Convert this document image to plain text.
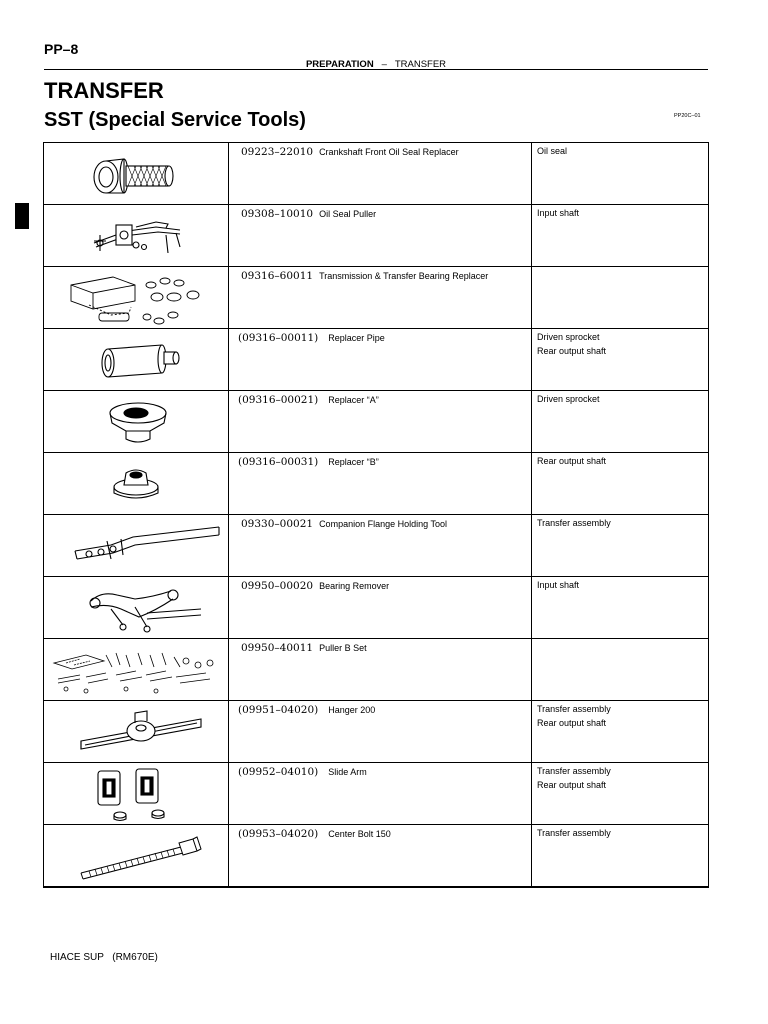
PP–8
PREPARATION – TRANSFER
TRANSFER
SST (Special Service Tools)	PP20C–01

09223–22010 Crankshaft Front Oil Seal Replacer	Oil seal

09308–10010 Oil Seal Puller	Input shaft

09316–60011 Transmission & Transfer Bearing Replacer	

(09316–00011) Replacer Pipe	Driven sprocket
Rear output shaft

(09316–00021) Replacer “A”	Driven sprocket

(09316–00031) Replacer “B”	Rear output shaft

09330–00021 Companion Flange Holding Tool	Transfer assembly

09950–00020 Bearing Remover	Input shaft

09950–40011 Puller B Set	

(09951–04020) Hanger 200	Transfer assembly
Rear output shaft

(09952–04010) Slide Arm	Transfer assembly
Rear output shaft

(09953–04020) Center Bolt 150	Transfer assembly
HIACE SUP (RM670E)
